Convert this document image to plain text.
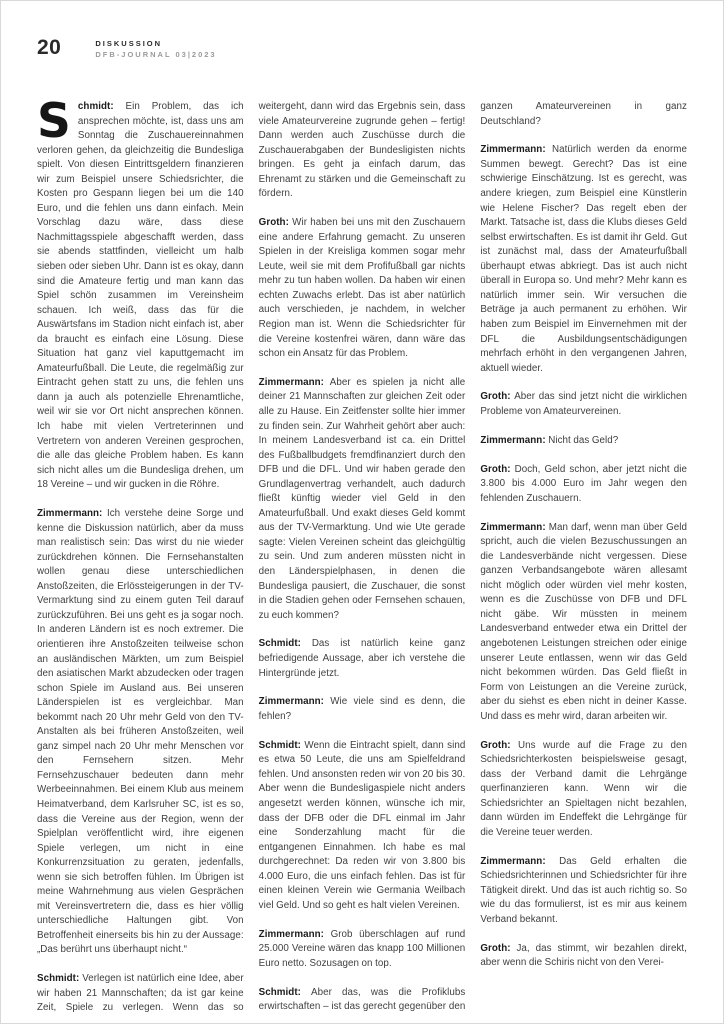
20	DISKUSSION
DFB-JOURNAL 03|2023

Schmidt: Ein Problem, das ich ansprechen möchte, ist, dass uns am Sonntag die Zuschauereinnahmen verloren gehen, da gleichzeitig die Bundesliga spielt. Von diesen Eintrittsgeldern finanzieren wir zum Beispiel unsere Schiedsrichter, die Kosten pro Gespann liegen bei um die 140 Euro, und die fehlen uns dann einfach. Mein Vorschlag dazu wäre, dass diese Nachmittagsspiele abgeschafft werden, dass sie abends stattfinden, vielleicht um halb sieben oder sieben Uhr. Dann ist es okay, dann sind die Amateure fertig und man kann das Spiel schön zusammen im Vereinsheim schauen. Ich weiß, dass das für die Auswärtsfans im Stadion nicht einfach ist, aber da braucht es einfach eine Lösung. Diese Situation hat ganz viel kaputtgemacht im Amateurfußball. Die Leute, die regelmäßig zur Eintracht gehen statt zu uns, die fehlen uns dann ja auch als potenzielle Ehrenamtliche, weil wir sie vor Ort nicht ansprechen können. Ich habe mit vielen Vertreterinnen und Vertretern von anderen Vereinen gesprochen, die alle das gleiche Problem haben. Es kann sich nicht alles um die Bundesliga drehen, um 18 Vereine – und wir gucken in die Röhre.

Zimmermann: Ich verstehe deine Sorge und kenne die Diskussion natürlich, aber da muss man realistisch sein: Das wirst du nie wieder zurückdrehen können. Die Fernsehanstalten wollen genau diese unterschiedlichen Anstoßzeiten, die Erlössteigerungen in der TV-Vermarktung sind zu einem guten Teil darauf zurückzuführen. Bei uns geht es ja sogar noch. In anderen Ländern ist es noch extremer. Die orientieren ihre Anstoßzeiten teilweise schon an ausländischen Märkten, um zum Beispiel den asiatischen Markt abzudecken oder tragen schon Spiele im Ausland aus. Bei unseren Länderspielen ist es vergleichbar. Man bekommt nach 20 Uhr mehr Geld von den TV-Anstalten als bei früheren Anstoßzeiten, weil ganz simpel nach 20 Uhr mehr Menschen vor den Fernsehern sitzen. Mehr Fernsehzuschauer bedeuten dann mehr Werbeeinnahmen. Bei einem Klub aus meinem Heimatverband, dem Karlsruher SC, ist es so, dass die Vereine aus der Region, wenn der Spielplan veröffentlicht wird, ihre eigenen Spiele verlegen, um nicht in eine Konkurrenzsituation zu geraten, jedenfalls, wenn sie sich betroffen fühlen. Im Übrigen ist meine Wahrnehmung aus vielen Gesprächen mit Vereinsvertretern die, dass es hier völlig unterschiedliche Haltungen gibt. Von Betroffenheit einerseits bis hin zu der Aussage: „Das berührt uns überhaupt nicht.“

Schmidt: Verlegen ist natürlich eine Idee, aber wir haben 21 Mannschaften; da ist gar keine Zeit, Spiele zu verlegen. Wenn das so weitergeht, dann wird das Ergebnis sein, dass viele Amateurvereine zugrunde gehen – fertig! Dann werden auch Zuschüsse durch die Zuschauerabgaben der Bundesligisten nichts bringen. Es geht ja einfach darum, das Ehrenamt zu stärken und die Gemeinschaft zu fördern.

Groth: Wir haben bei uns mit den Zuschauern eine andere Erfahrung gemacht. Zu unseren Spielen in der Kreisliga kommen sogar mehr Leute, weil sie mit dem Profifußball gar nichts mehr zu tun haben wollen. Da haben wir einen echten Zuwachs erlebt. Das ist aber natürlich auch verschieden, je nachdem, in welcher Region man ist. Wenn die Schiedsrichter für die Vereine kostenfrei wären, dann wäre das schon ein Ansatz für das Problem.

Zimmermann: Aber es spielen ja nicht alle deiner 21 Mannschaften zur gleichen Zeit oder alle zu Hause. Ein Zeitfenster sollte hier immer zu finden sein. Zur Wahrheit gehört aber auch: In meinem Landesverband ist ca. ein Drittel des Fußballbudgets fremdfinanziert durch den DFB und die DFL. Und wir haben gerade den Grundlagenvertrag verhandelt, auch dadurch fließt künftig wieder viel Geld in den Amateurfußball. Und exakt dieses Geld kommt aus der TV-Vermarktung. Und wie Ute gerade sagte: Vielen Vereinen scheint das gleichgültig zu sein. Und zum anderen müssten nicht in den Länderspielphasen, in denen die Bundesliga pausiert, die Zuschauer, die sonst in die Stadien gehen oder Fernsehen schauen, zu euch kommen?

Schmidt: Das ist natürlich keine ganz befriedigende Aussage, aber ich verstehe die Hintergründe jetzt.

Zimmermann: Wie viele sind es denn, die fehlen?

Schmidt: Wenn die Eintracht spielt, dann sind es etwa 50 Leute, die uns am Spielfeldrand fehlen. Und ansonsten reden wir von 20 bis 30. Aber wenn die Bundesligaspiele nicht anders angesetzt werden können, wünsche ich mir, dass der DFB oder die DFL einmal im Jahr eine Sonderzahlung macht für die entgangenen Einnahmen. Ich habe es mal durchgerechnet: Da reden wir von 3.800 bis 4.000 Euro, die uns einfach fehlen. Das ist für einen kleinen Verein wie Germania Weilbach viel Geld. Und so geht es halt vielen Vereinen.

Zimmermann: Grob überschlagen auf rund 25.000 Vereine wären das knapp 100 Millionen Euro netto. Sozusagen on top.

Schmidt: Aber das, was die Profiklubs erwirtschaften – ist das gerecht gegenüber den ganzen Amateurvereinen in ganz Deutschland?

Zimmermann: Natürlich werden da enorme Summen bewegt. Gerecht? Das ist eine schwierige Einschätzung. Ist es gerecht, was andere kriegen, zum Beispiel eine Künstlerin wie Helene Fischer? Das regelt eben der Markt. Tatsache ist, dass die Klubs dieses Geld selbst erwirtschaften. Es ist damit ihr Geld. Gut ist zunächst mal, dass der Amateurfußball überhaupt etwas abkriegt. Das ist auch nicht überall in Europa so. Und mehr? Mehr kann es natürlich immer sein. Wir versuchen die Beträge ja auch permanent zu erhöhen. Wir haben zum Beispiel im Einvernehmen mit der DFL die Ausbildungsentschädigungen mehrfach erhöht in den vergangenen Jahren, aktuell wieder.

Groth: Aber das sind jetzt nicht die wirklichen Probleme von Amateurvereinen.

Zimmermann: Nicht das Geld?

Groth: Doch, Geld schon, aber jetzt nicht die 3.800 bis 4.000 Euro im Jahr wegen den fehlenden Zuschauern.

Zimmermann: Man darf, wenn man über Geld spricht, auch die vielen Bezuschussungen an die Landesverbände nicht vergessen. Diese ganzen Verbandsangebote wären allesamt nicht möglich oder würden viel mehr kosten, wenn es die Zuschüsse von DFB und DFL nicht gäbe. Wir müssten in meinem Landesverband entweder etwa ein Drittel der angebotenen Leistungen streichen oder einige unserer Leute entlassen, wenn wir das Geld nicht bekommen würden. Das Geld fließt in Form von Leistungen an die Vereine zurück, aber du siehst es eben nicht in deiner Kasse. Und dass es mehr wird, daran arbeiten wir.

Groth: Uns wurde auf die Frage zu den Schiedsrichterkosten beispielsweise gesagt, dass der Verband damit die Lehrgänge querfinanzieren kann. Wenn wir die Schiedsrichter an Spieltagen nicht bezahlen, dann würden im Endeffekt die Lehrgänge für die Vereine teuer werden.

Zimmermann: Das Geld erhalten die Schiedsrichterinnen und Schiedsrichter für ihre Tätigkeit direkt. Und das ist auch richtig so. So wie du das formulierst, ist es mir aus keinem Verband bekannt.

Groth: Ja, das stimmt, wir bezahlen direkt, aber wenn die Schiris nicht von den Verei-
